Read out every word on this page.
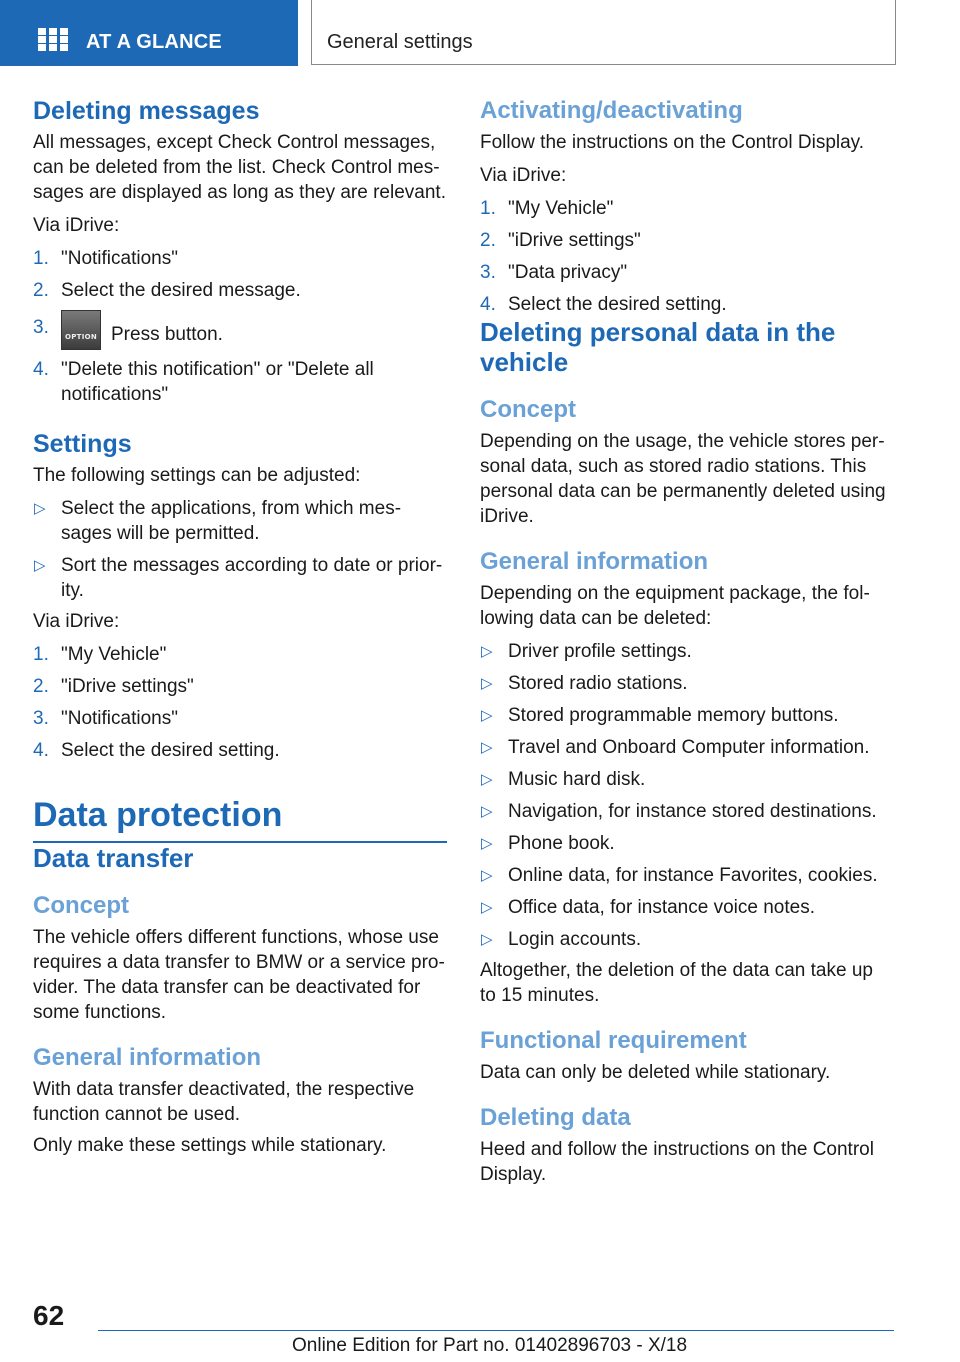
AT A GLANCE	General settings
Deleting messages

All messages, except Check Control messages, can be deleted from the list. Check Control mes‐ sages are displayed as long as they are relevant.

Via iDrive:

1. "Notifications"
2. Select the desired message.
3.	OPTION Press button.
4. "Delete this notification" or "Delete all notifications"
Settings

The following settings can be adjusted:

▷ Select the applications, from which mes‐ sages will be permitted.
▷ Sort the messages according to date or prior‐ ity.

Via iDrive:

1. "My Vehicle"
2. "iDrive settings"
3. "Notifications"
4. Select the desired setting.
Data protection
Data transfer
Concept

The vehicle offers different functions, whose use requires a data transfer to BMW or a service pro‐ vider. The data transfer can be deactivated for some functions.

General information

With data transfer deactivated, the respective function cannot be used.

Only make these settings while stationary.

Activating/deactivating

Follow the instructions on the Control Display.

Via iDrive:

1. "My Vehicle"
2. "iDrive settings"
3. "Data privacy"
4. Select the desired setting.
Deleting personal data in the vehicle
Concept

Depending on the usage, the vehicle stores per‐ sonal data, such as stored radio stations. This personal data can be permanently deleted using iDrive.

General information

Depending on the equipment package, the fol‐ lowing data can be deleted:

▷ Driver profile settings.
▷ Stored radio stations.
▷ Stored programmable memory buttons.
▷ Travel and Onboard Computer information.
▷ Music hard disk.
▷ Navigation, for instance stored destinations.
▷ Phone book.
▷ Online data, for instance Favorites, cookies.
▷ Office data, for instance voice notes.
▷ Login accounts.

Altogether, the deletion of the data can take up to 15 minutes.

Functional requirement

Data can only be deleted while stationary.

Deleting data

Heed and follow the instructions on the Control Display.

62
Online Edition for Part no. 01402896703 - X/18
